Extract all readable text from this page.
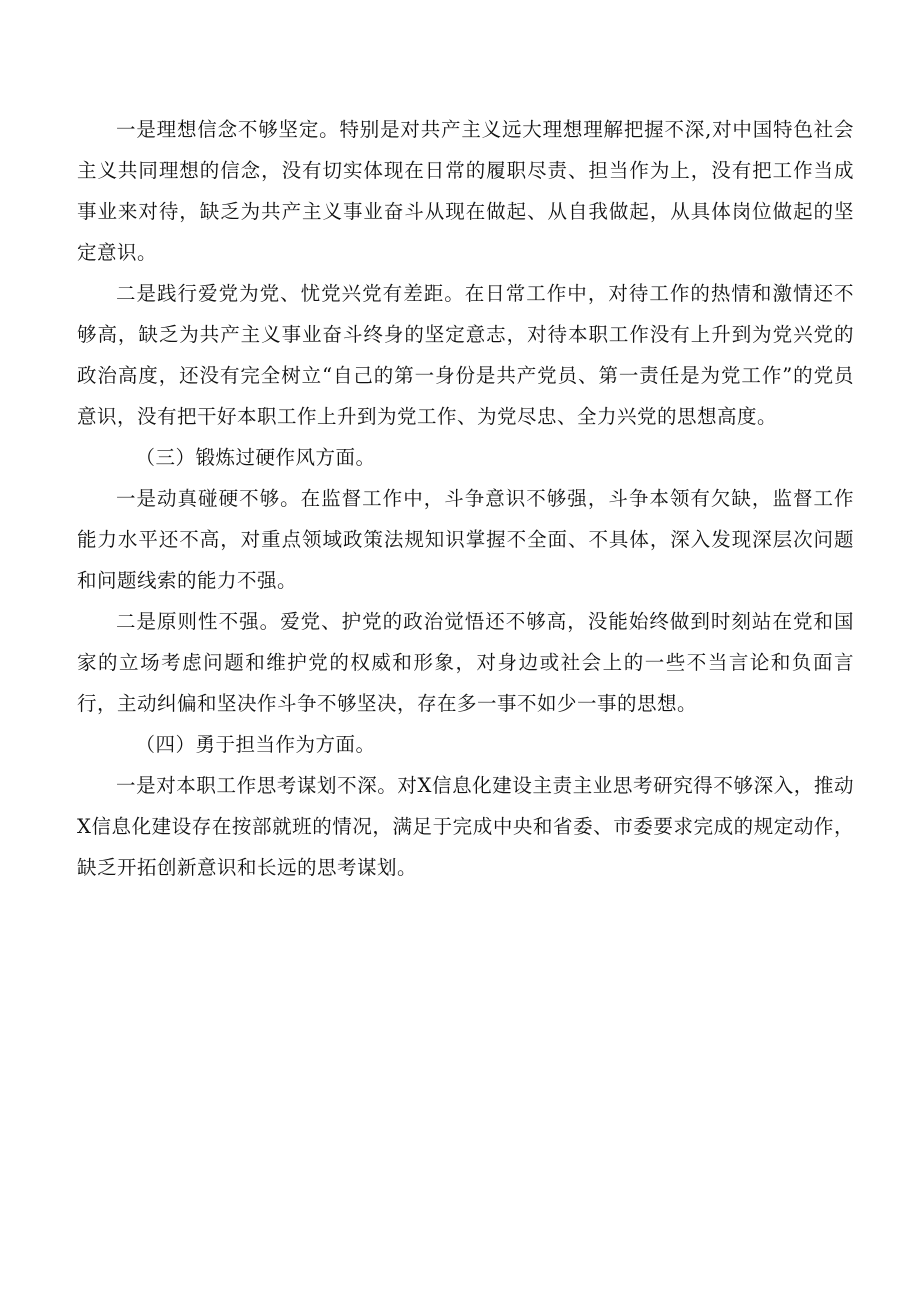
一是理想信念不够坚定。特别是对共产主义远大理想理解把握不深,对中国特色社会主义共同理想的信念，没有切实体现在日常的履职尽责、担当作为上，没有把工作当成事业来对待，缺乏为共产主义事业奋斗从现在做起、从自我做起，从具体岗位做起的坚定意识。

二是践行爱党为党、忧党兴党有差距。在日常工作中，对待工作的热情和激情还不够高，缺乏为共产主义事业奋斗终身的坚定意志，对待本职工作没有上升到为党兴党的政治高度，还没有完全树立“自己的第一身份是共产党员、第一责任是为党工作”的党员意识，没有把干好本职工作上升到为党工作、为党尽忠、全力兴党的思想高度。

（三）锻炼过硬作风方面。

一是动真碰硬不够。在监督工作中，斗争意识不够强，斗争本领有欠缺，监督工作能力水平还不高，对重点领域政策法规知识掌握不全面、不具体，深入发现深层次问题和问题线索的能力不强。

二是原则性不强。爱党、护党的政治觉悟还不够高，没能始终做到时刻站在党和国家的立场考虑问题和维护党的权威和形象，对身边或社会上的一些不当言论和负面言行，主动纠偏和坚决作斗争不够坚决，存在多一事不如少一事的思想。

（四）勇于担当作为方面。

一是对本职工作思考谋划不深。对X信息化建设主责主业思考研究得不够深入，推动X信息化建设存在按部就班的情况，满足于完成中央和省委、市委要求完成的规定动作，缺乏开拓创新意识和长远的思考谋划。
